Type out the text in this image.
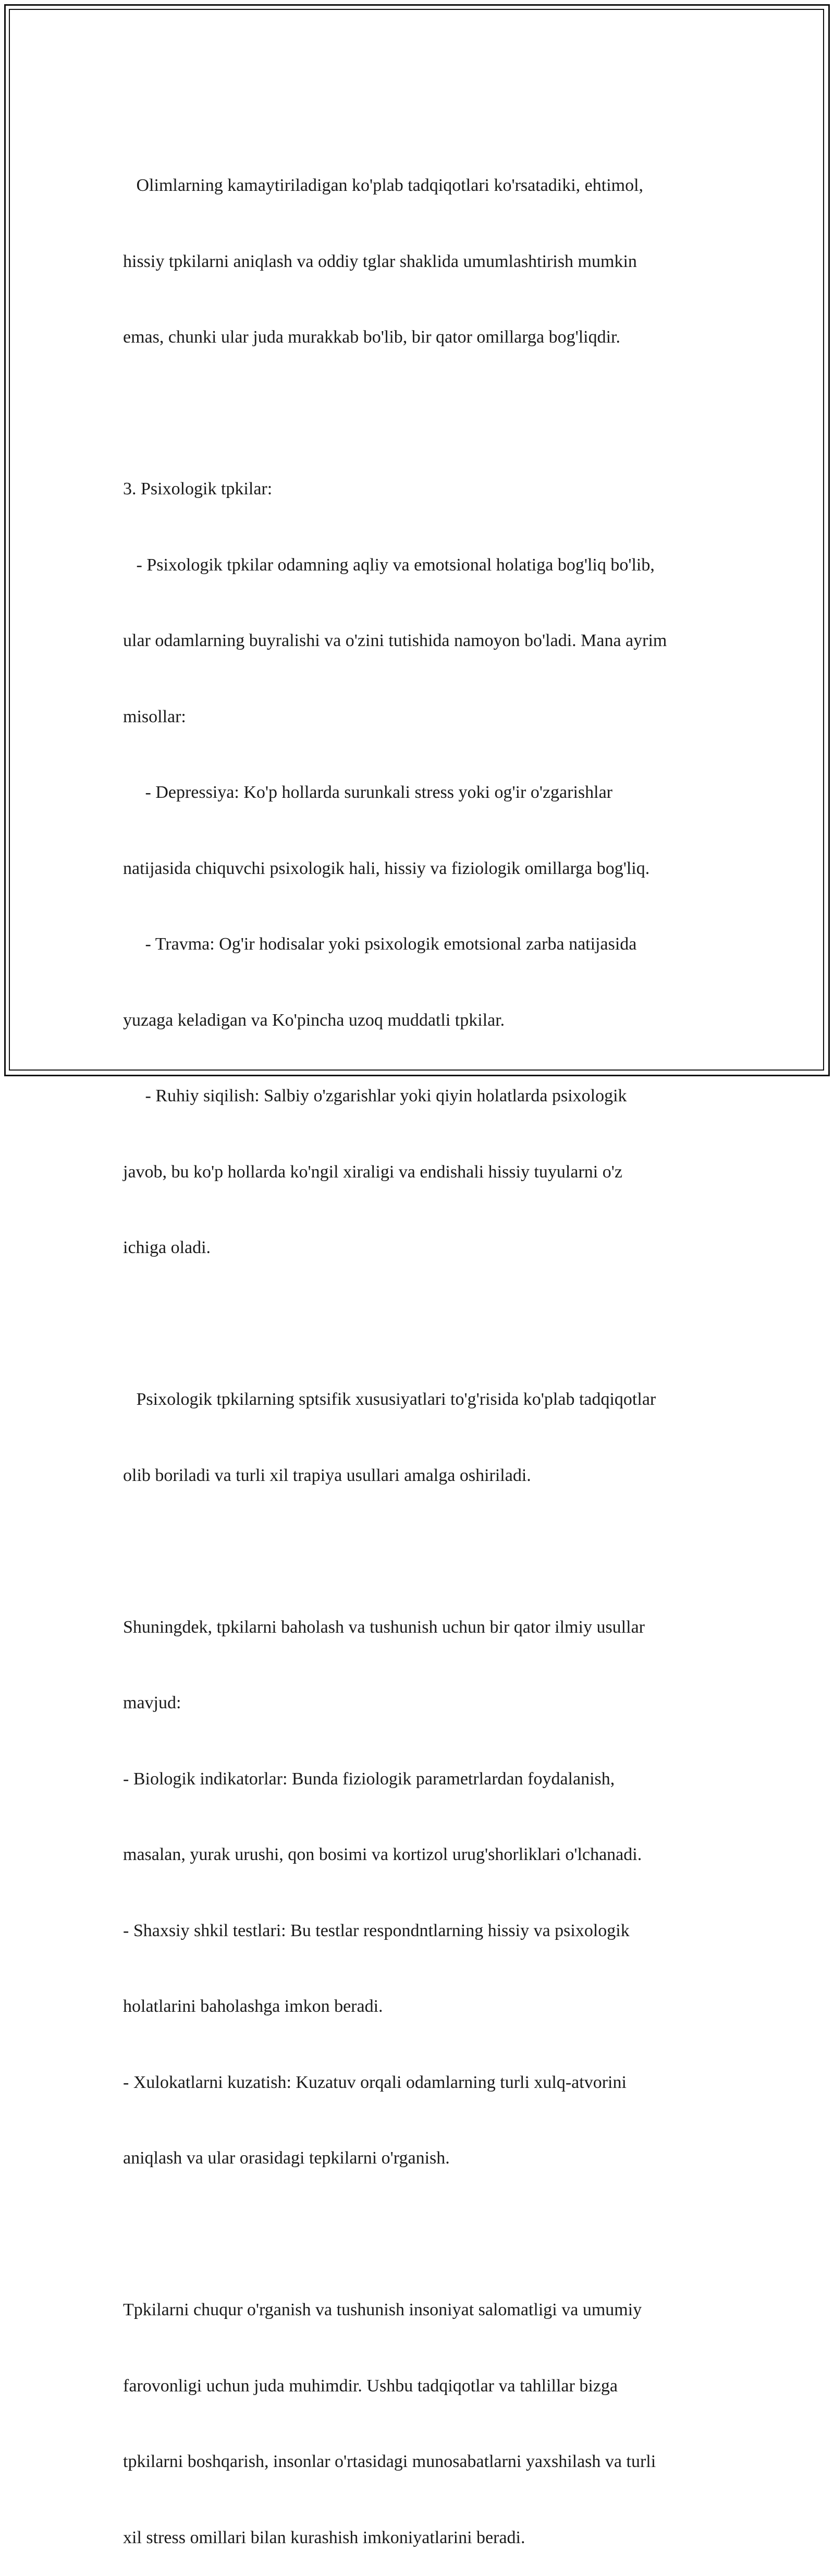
Olimlarning kamaytiriladigan ko'plab tadqiqotlari ko'rsatadiki, ehtimol,

hissiy tpkilarni aniqlash va oddiy tglar shaklida umumlashtirish mumkin

emas, chunki ular juda murakkab bo'lib, bir qator omillarga bog'liqdir.

3. Psixologik tpkilar:

- Psixologik tpkilar odamning aqliy va emotsional holatiga bog'liq bo'lib,

ular odamlarning buyralishi va o'zini tutishida namoyon bo'ladi. Mana ayrim

misollar:

- Depressiya: Ko'p hollarda surunkali stress yoki og'ir o'zgarishlar

natijasida chiquvchi psixologik hali, hissiy va fiziologik omillarga bog'liq.

- Travma: Og'ir hodisalar yoki psixologik emotsional zarba natijasida

yuzaga keladigan va Ko'pincha uzoq muddatli tpkilar.

- Ruhiy siqilish: Salbiy o'zgarishlar yoki qiyin holatlarda psixologik

javob, bu ko'p hollarda ko'ngil xiraligi va endishali hissiy tuyularni o'z

ichiga oladi.

Psixologik tpkilarning sptsifik xususiyatlari to'g'risida ko'plab tadqiqotlar

olib boriladi va turli xil trapiya usullari amalga oshiriladi.

Shuningdek, tpkilarni baholash va tushunish uchun bir qator ilmiy usullar

mavjud:

- Biologik indikatorlar: Bunda fiziologik parametrlardan foydalanish,

masalan, yurak urushi, qon bosimi va kortizol urug'shorliklari o'lchanadi.

- Shaxsiy shkil testlari: Bu testlar respondntlarning hissiy va psixologik

holatlarini baholashga imkon beradi.

- Xulokatlarni kuzatish: Kuzatuv orqali odamlarning turli xulq-atvorini

aniqlash va ular orasidagi tepkilarni o'rganish.

Tpkilarni chuqur o'rganish va tushunish insoniyat salomatligi va umumiy

farovonligi uchun juda muhimdir. Ushbu tadqiqotlar va tahlillar bizga

tpkilarni boshqarish, insonlar o'rtasidagi munosabatlarni yaxshilash va turli

xil stress omillari bilan kurashish imkoniyatlarini beradi.
